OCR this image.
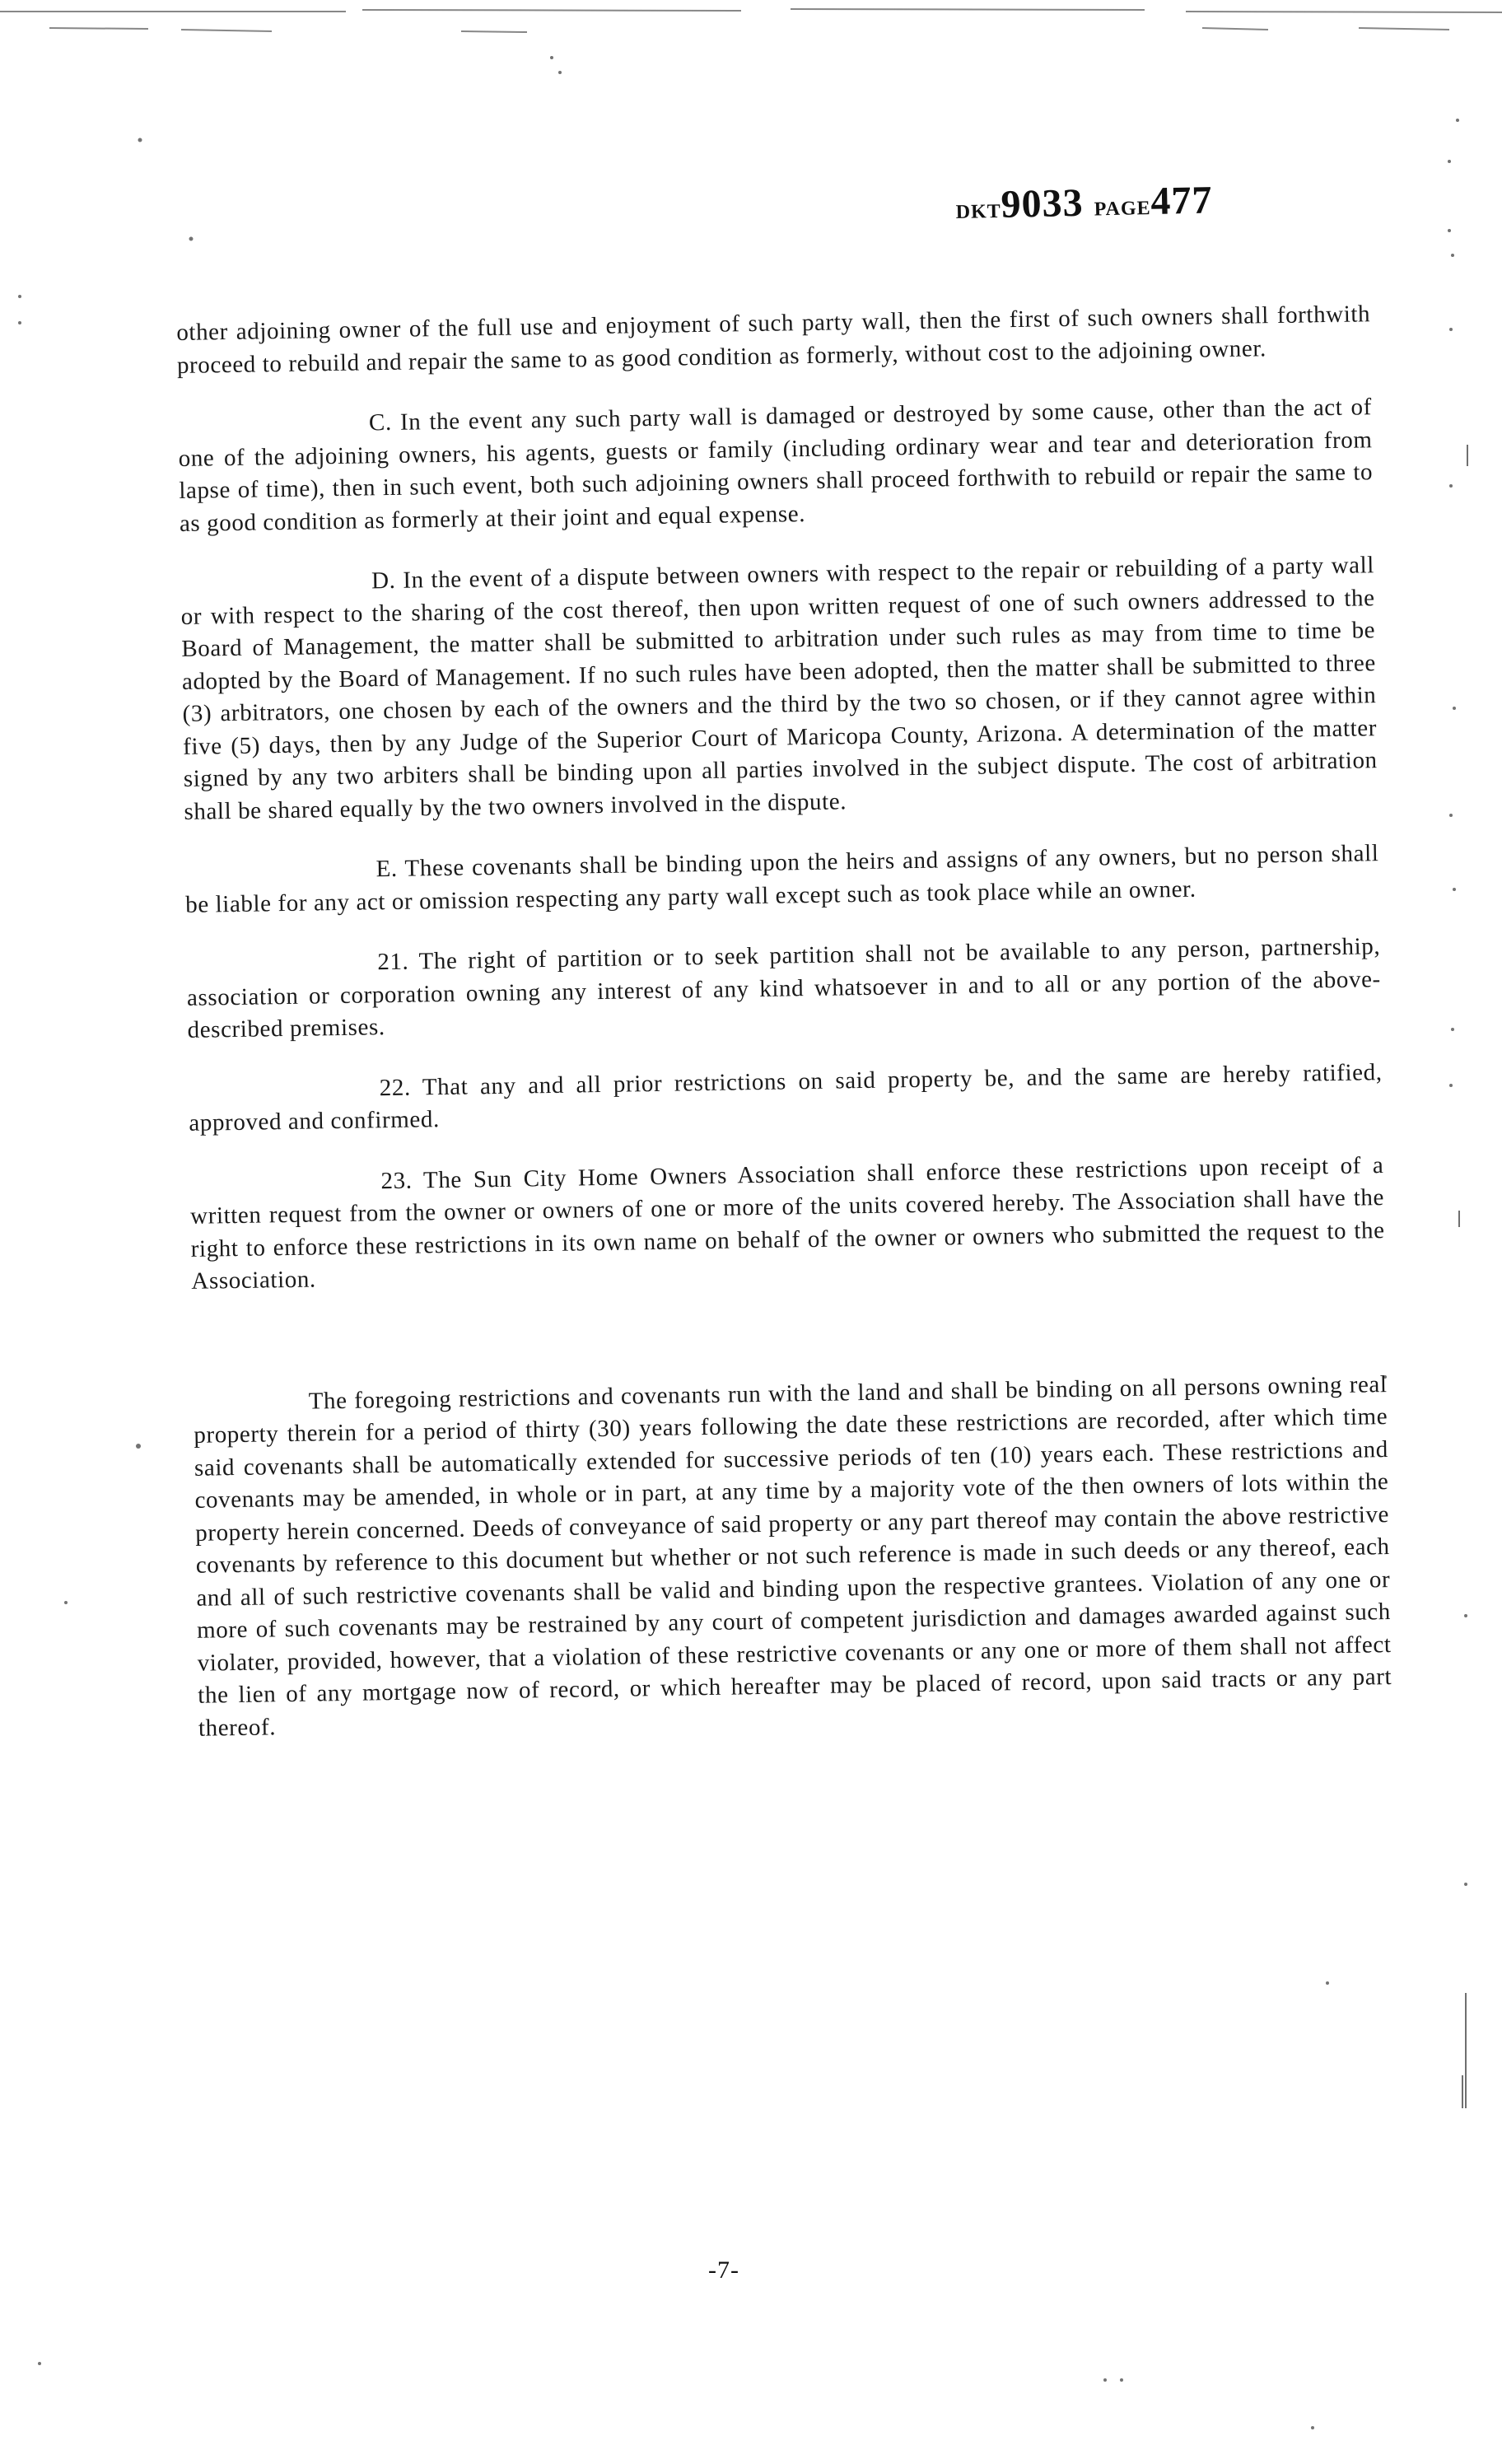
DKT9033 PAGE477

other adjoining owner of the full use and enjoyment of such party wall, then the first of such owners shall forthwith proceed to rebuild and repair the same to as good condition as formerly, without cost to the adjoining owner.

C. In the event any such party wall is damaged or destroyed by some cause, other than the act of one of the adjoining owners, his agents, guests or family (including ordinary wear and tear and deterioration from lapse of time), then in such event, both such adjoining owners shall proceed forthwith to rebuild or repair the same to as good condition as formerly at their joint and equal expense.

D. In the event of a dispute between owners with respect to the repair or rebuilding of a party wall or with respect to the sharing of the cost thereof, then upon written request of one of such owners addressed to the Board of Management, the matter shall be submitted to arbitration under such rules as may from time to time be adopted by the Board of Management. If no such rules have been adopted, then the matter shall be submitted to three (3) arbitrators, one chosen by each of the owners and the third by the two so chosen, or if they cannot agree within five (5) days, then by any Judge of the Superior Court of Maricopa County, Arizona. A determination of the matter signed by any two arbiters shall be binding upon all parties involved in the subject dispute. The cost of arbitration shall be shared equally by the two owners involved in the dispute.

E. These covenants shall be binding upon the heirs and assigns of any owners, but no person shall be liable for any act or omission respecting any party wall except such as took place while an owner.

21. The right of partition or to seek partition shall not be available to any person, partnership, association or corporation owning any interest of any kind whatsoever in and to all or any portion of the above-described premises.

22. That any and all prior restrictions on said property be, and the same are hereby ratified, approved and confirmed.

23. The Sun City Home Owners Association shall enforce these restrictions upon receipt of a written request from the owner or owners of one or more of the units covered hereby. The Association shall have the right to enforce these restrictions in its own name on behalf of the owner or owners who submitted the request to the Association.

The foregoing restrictions and covenants run with the land and shall be binding on all persons owning real property therein for a period of thirty (30) years following the date these restrictions are recorded, after which time said covenants shall be automatically extended for successive periods of ten (10) years each. These restrictions and covenants may be amended, in whole or in part, at any time by a majority vote of the then owners of lots within the property herein concerned. Deeds of conveyance of said property or any part thereof may contain the above restrictive covenants by reference to this document but whether or not such reference is made in such deeds or any thereof, each and all of such restrictive covenants shall be valid and binding upon the respective grantees. Violation of any one or more of such covenants may be restrained by any court of competent jurisdiction and damages awarded against such violater, provided, however, that a violation of these restrictive covenants or any one or more of them shall not affect the lien of any mortgage now of record, or which hereafter may be placed of record, upon said tracts or any part thereof.

-7-
